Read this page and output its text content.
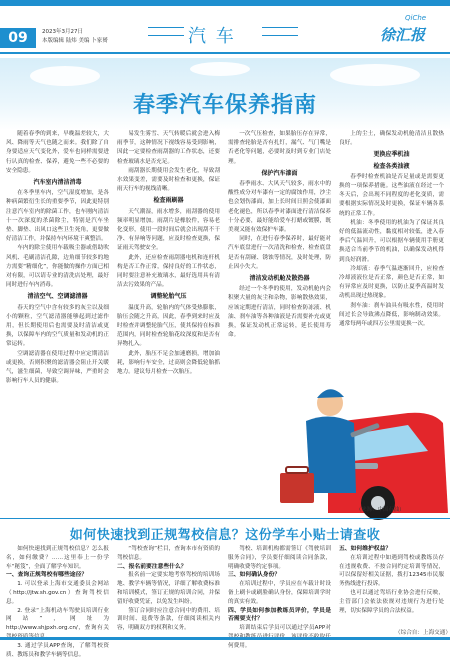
09	2023年3月27日
本版编辑 陆炜 美编 卜家赟	汽 车
QiChe
徐汇报
春季汽车保养指南

随着春季的到来，早晚温差较大，大风、降雨等天气也随之而来。我们除了自身要适应天气变化外，爱车也同样需要进行认真的检查、保养，避免一些不必要的安全隐患。

汽车室内清洁消毒

在冬季里车内，空气湿度增加，是各种病菌繁衍生长的重要季节，因此更特别注意汽车室内的除菌工作，也车刚内清洁十一次深度的杀菌除尘，特别是汽车坐垫、脚垫、出风口这些卫生死角，更要做好清洁工作，并保持车内环境干爽整洁。

车内的除尘使用车载吸尘器或借助吹风机、毛刷清洁孔隙，边角细节较多的地方需要“精细化”，你能做的操作方面已相对有限，可以请专业的清洗店处理，最好同时进行车内消毒。

清洁空气、空调滤清器

春天的空气中含有较多的灰尘以及细小的颗粒，空气滤清器能够起到过滤作用，但长期使用后也需要及时清洁或更换，以保障车内的空气质量和发动机的正常运转。

空调滤清器在使用过程中应定期清洁或更换，否则积聚的滤清器会阻止开关暖气，滋生细菌，导致空调异味，严重时会影响行车人员的健康。

易发生雾雪、天气转暖后就会进入梅雨季节，这种情况下视线容易受到影响，因此一定要检查雨刮器的工作状态，还要检查玻璃水是否充足。

雨刮器长期使用会发生老化，导致刮水效果变差，需要及时检查和更换，保证雨天行车的视线清晰。

检查雨刷器

天气潮湿，雨水增多，雨刮器的使用频率明显增加。雨刮片是橡胶件，容易老化变形，使用一段时间后就会出现刮不干净、有异响等问题，应及时检查更换，保证雨天驾驶安全。

此外，还应检查雨刮器电机和连杆机构是否工作正常，保持良好的工作状态，同时要注意补充玻璃水，最好选用具有清洁去污效果的产品。

调整轮胎气压

温度升高，轮胎内的气体受热膨胀，胎压会随之升高，因此，春季到来时应及时检查并调整轮胎气压，使其保持在标准范围内，同时检查轮胎花纹深度和是否有异物扎入。

此外，胎压不足会加速磨损，增加油耗，影响行车安全，过高则会降低轮胎抓地力。建议每月检查一次胎压。

一次气压检查，如果胎压存在异常，需排查轮胎是否有扎钉，漏气、气门嘴是否老化等问题，必要时及时到专业门店处理。

保护汽车漆面

春季雨水、大风天气较多，雨水中的酸性成分对车漆有一定的腐蚀作用，沙尘也会划伤漆面，加上长时间日照会使漆面老化褪色，所以春季对漆面进行清洁保养十分必要，最好能给爱车打蜡或镀膜，既美观又能有效保护车漆。

同时，在进行春季保养时，最好能对汽车底盘进行一次清洗和检查，检查底盘是否有刮碰、锈蚀等情况，及时处理，防止因小失大。

清洁发动机舱及散热器

经过一个冬季的使用，发动机舱内会积聚大量的灰尘和杂物，影响散热效果，应该定期进行清洁，同时检查防冻液、机油、刹车油等各种油液是否需要补充或更换，保证发动机正常运转，延长使用寿命。

上的尘土，确保发动机舱清洁且散热良好。

更换应季机油
检查各类油液

春季时检查机油是否足量或是需要更换的一项保养措施。这些油液在经过一个冬天后，会出现不同程度的老化变质，需要根据实际情况及时更换，保证车辆各系统的正常工作。

机油：冬季使用的机油为了保证其良好的低温流动性，黏度相对较低，进入春季后气温回升，可以根据车辆使用手册更换适合当前季节的机油，以确保发动机得到良好润滑。

冷却液：春季气温逐渐回升，应检查冷却液液位是否正常，颜色是否正常，如有异常应及时更换，以防止夏季高温时发动机出现过热现象。

刹车油：刹车油具有吸水性，使用时间过长会导致沸点降低，影响制动效果。通常每两年或四万公里需更换一次。

（来源：中国石油）
如何快速找到正规驾校信息？这份学车小贴士请查收

如何快速找到正规驾校信息？怎么报名，如何缴费？……这里奉上一份学车“秘笈”，全面了解学车知识。

一、查询正规驾校有哪些途径？

1. 可以登录上海市交通委员会网站（http://jtw.sh.gov.cn）查询驾校信息。

2. 登录“上海机动车驾驶员培训行业网站”，网址为 http://www.shjpxh.org.cn/，查询有关

3. 通过学员APP查询，了解驾校资质、教练员和教学车辆等信息。

“驾校查询”栏目，查询本市有资质的驾校信息。

二、报名前要注意些什么？

报名前一定要实地考察驾校的培训场地、教学车辆等情况，详细了解收费标准和培训模式，签订正规的培训合同，并保留好收费凭证，以免发生纠纷。

签订合同时应注意合同中的费用、培训时间、退费等条款，仔细阅读相关内容，明确双方的权利和义务。

驾校、培训机构都需签订《驾驶培训服务合同》，学员要仔细阅读合同条款，明确收费等约定事项。

三、如何确认身份？

在培训过程中，学员应在车载计时设备上刷卡或刷脸确认身份，保障培训学时的真实有效。

四、学员如何参加教练员评价，学员是否需要支付？

培训结束后学员可以通过学员APP对 何费用。

五、如何维护权益？

在培训过程中如遇到驾校或教练员存在违规收费、不按合同约定培训等情况，可以保留好相关证据，拨打12345市民服务热线进行投诉。

也可以通过驾培行业协会进行反映，主管部门会依法依规对违规行为进行处理，切实保障学员的合法权益。

（综合自：上海交通）
